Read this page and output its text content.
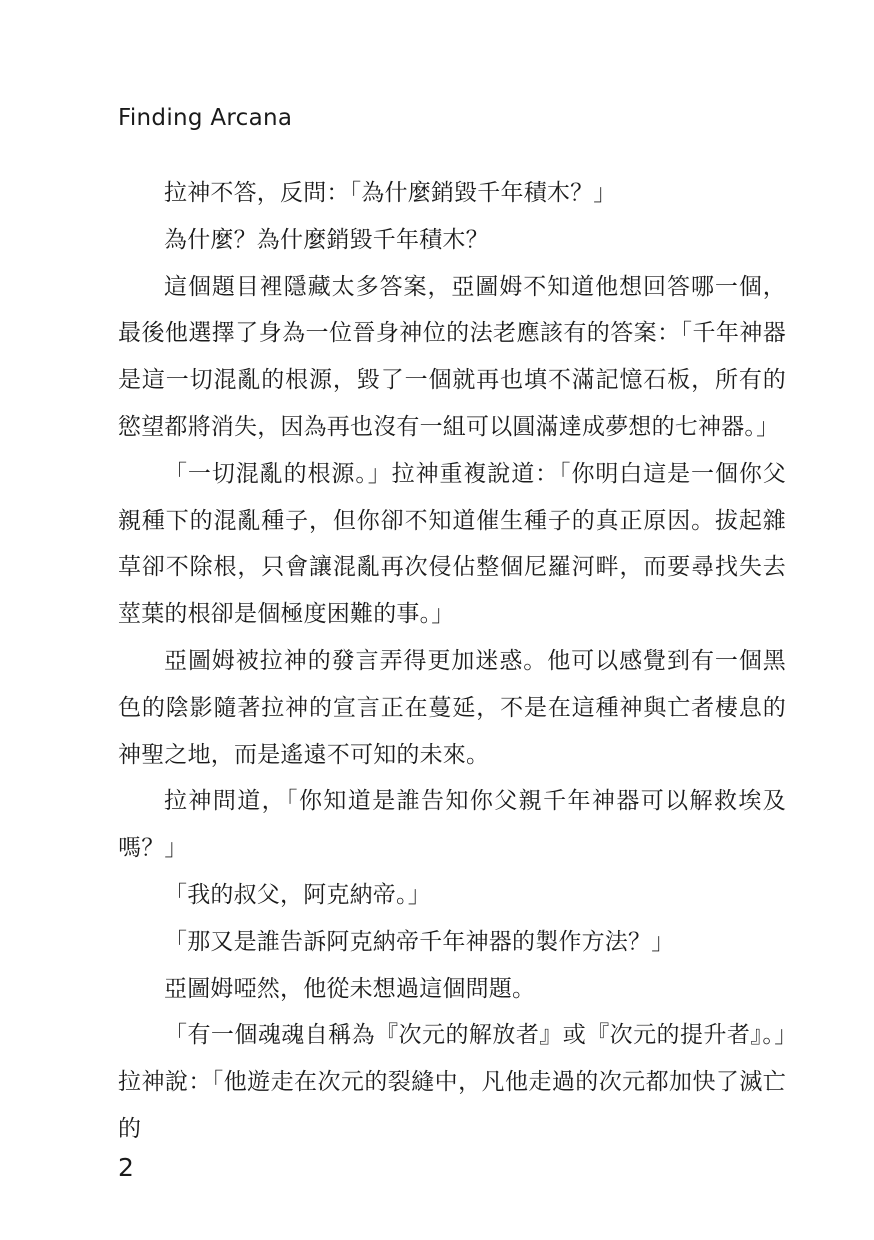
Finding Arcana

拉神不答，反問：「為什麼銷毀千年積木？」

為什麼？為什麼銷毀千年積木？

這個題目裡隱藏太多答案，亞圖姆不知道他想回答哪一個，最後他選擇了身為一位晉身神位的法老應該有的答案：「千年神器是這一切混亂的根源，毀了一個就再也填不滿記憶石板，所有的慾望都將消失，因為再也沒有一組可以圓滿達成夢想的七神器。」

「一切混亂的根源。」拉神重複說道：「你明白這是一個你父親種下的混亂種子，但你卻不知道催生種子的真正原因。拔起雜草卻不除根，只會讓混亂再次侵佔整個尼羅河畔，而要尋找失去莖葉的根卻是個極度困難的事。」

亞圖姆被拉神的發言弄得更加迷惑。他可以感覺到有一個黑色的陰影隨著拉神的宣言正在蔓延，不是在這種神與亡者棲息的神聖之地，而是遙遠不可知的未來。

拉神問道，「你知道是誰告知你父親千年神器可以解救埃及嗎？」

「我的叔父，阿克納帝。」

「那又是誰告訴阿克納帝千年神器的製作方法？」

亞圖姆啞然，他從未想過這個問題。

「有一個魂魂自稱為『次元的解放者』或『次元的提升者』。」拉神說：「他遊走在次元的裂縫中，凡他走過的次元都加快了滅亡的

2
